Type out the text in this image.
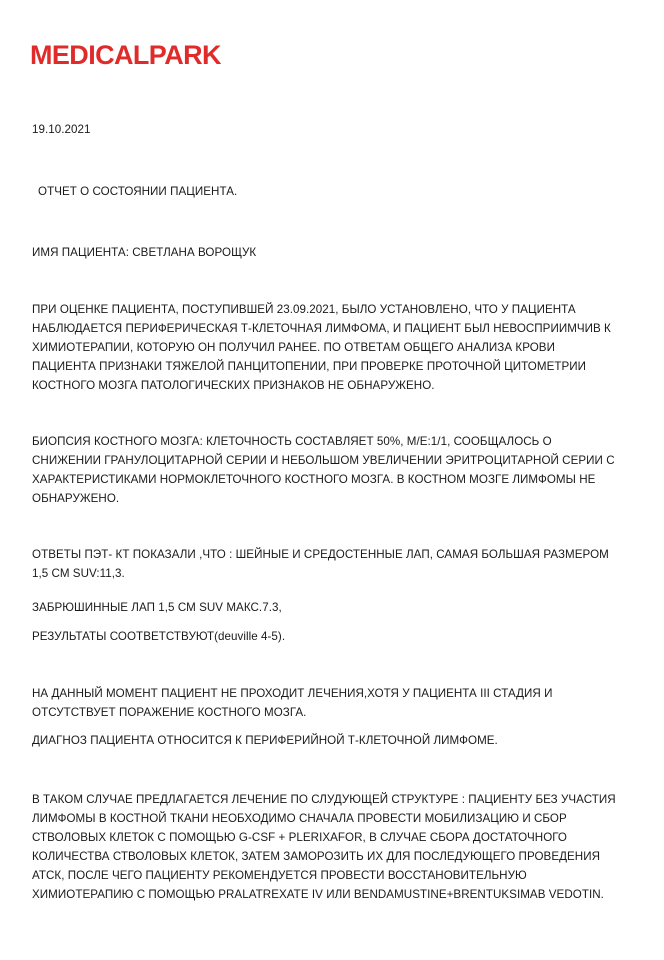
MEDICALPARK
19.10.2021
ОТЧЕТ О СОСТОЯНИИ ПАЦИЕНТА.
ИМЯ ПАЦИЕНТА: СВЕТЛАНА ВОРОЩУК
ПРИ ОЦЕНКЕ ПАЦИЕНТА, ПОСТУПИВШЕЙ 23.09.2021, БЫЛО УСТАНОВЛЕНО, ЧТО У ПАЦИЕНТА
НАБЛЮДАЕТСЯ ПЕРИФЕРИЧЕСКАЯ Т-КЛЕТОЧНАЯ ЛИМФОМА, И ПАЦИЕНТ БЫЛ НЕВОСПРИИМЧИВ К
ХИМИОТЕРАПИИ, КОТОРУЮ ОН ПОЛУЧИЛ РАНЕЕ. ПО ОТВЕТАМ ОБЩЕГО АНАЛИЗА КРОВИ
ПАЦИЕНТА ПРИЗНАКИ ТЯЖЕЛОЙ ПАНЦИТОПЕНИИ, ПРИ ПРОВЕРКЕ ПРОТОЧНОЙ ЦИТОМЕТРИИ
КОСТНОГО МОЗГА ПАТОЛОГИЧЕСКИХ ПРИЗНАКОВ НЕ ОБНАРУЖЕНО.
БИОПСИЯ КОСТНОГО МОЗГА: КЛЕТОЧНОСТЬ СОСТАВЛЯЕТ 50%, М/Е:1/1, СООБЩАЛОСЬ О
СНИЖЕНИИ ГРАНУЛОЦИТАРНОЙ СЕРИИ И НЕБОЛЬШОМ УВЕЛИЧЕНИИ ЭРИТРОЦИТАРНОЙ СЕРИИ С
ХАРАКТЕРИСТИКАМИ НОРМОКЛЕТОЧНОГО КОСТНОГО МОЗГА. В КОСТНОМ МОЗГЕ ЛИМФОМЫ НЕ
ОБНАРУЖЕНО.
ОТВЕТЫ ПЭТ- КТ ПОКАЗАЛИ ,ЧТО : ШЕЙНЫЕ И СРЕДОСТЕННЫЕ ЛАП, САМАЯ БОЛЬШАЯ РАЗМЕРОМ
1,5 СМ SUV:11,3.
ЗАБРЮШИННЫЕ ЛАП 1,5 СМ SUV МАКС.7.3,
РЕЗУЛЬТАТЫ СООТВЕТСТВУЮТ(deuville 4-5).
НА ДАННЫЙ МОМЕНТ ПАЦИЕНТ НЕ ПРОХОДИТ ЛЕЧЕНИЯ,ХОТЯ У ПАЦИЕНТА III СТАДИЯ И
ОТСУТСТВУЕТ ПОРАЖЕНИЕ КОСТНОГО МОЗГА.
ДИАГНОЗ ПАЦИЕНТА ОТНОСИТСЯ К ПЕРИФЕРИЙНОЙ Т-КЛЕТОЧНОЙ ЛИМФОМЕ.
В ТАКОМ СЛУЧАЕ ПРЕДЛАГАЕТСЯ ЛЕЧЕНИЕ ПО СЛУДУЮЩЕЙ СТРУКТУРЕ : ПАЦИЕНТУ БЕЗ УЧАСТИЯ
ЛИМФОМЫ В КОСТНОЙ ТКАНИ НЕОБХОДИМО СНАЧАЛА ПРОВЕСТИ МОБИЛИЗАЦИЮ И СБОР
СТВОЛОВЫХ КЛЕТОК С ПОМОЩЬЮ G-CSF + PLERIXAFOR, В СЛУЧАЕ СБОРА ДОСТАТОЧНОГО
КОЛИЧЕСТВА СТВОЛОВЫХ КЛЕТОК, ЗАТЕМ ЗАМОРОЗИТЬ ИХ ДЛЯ ПОСЛЕДУЮЩЕГО ПРОВЕДЕНИЯ
АТСК, ПОСЛЕ ЧЕГО ПАЦИЕНТУ РЕКОМЕНДУЕТСЯ ПРОВЕСТИ ВОССТАНОВИТЕЛЬНУЮ
ХИМИОТЕРАПИЮ С ПОМОЩЬЮ PRALATREXATE IV ИЛИ BENDAMUSTINE+BRENTUKSIMAB VEDOTIN.
